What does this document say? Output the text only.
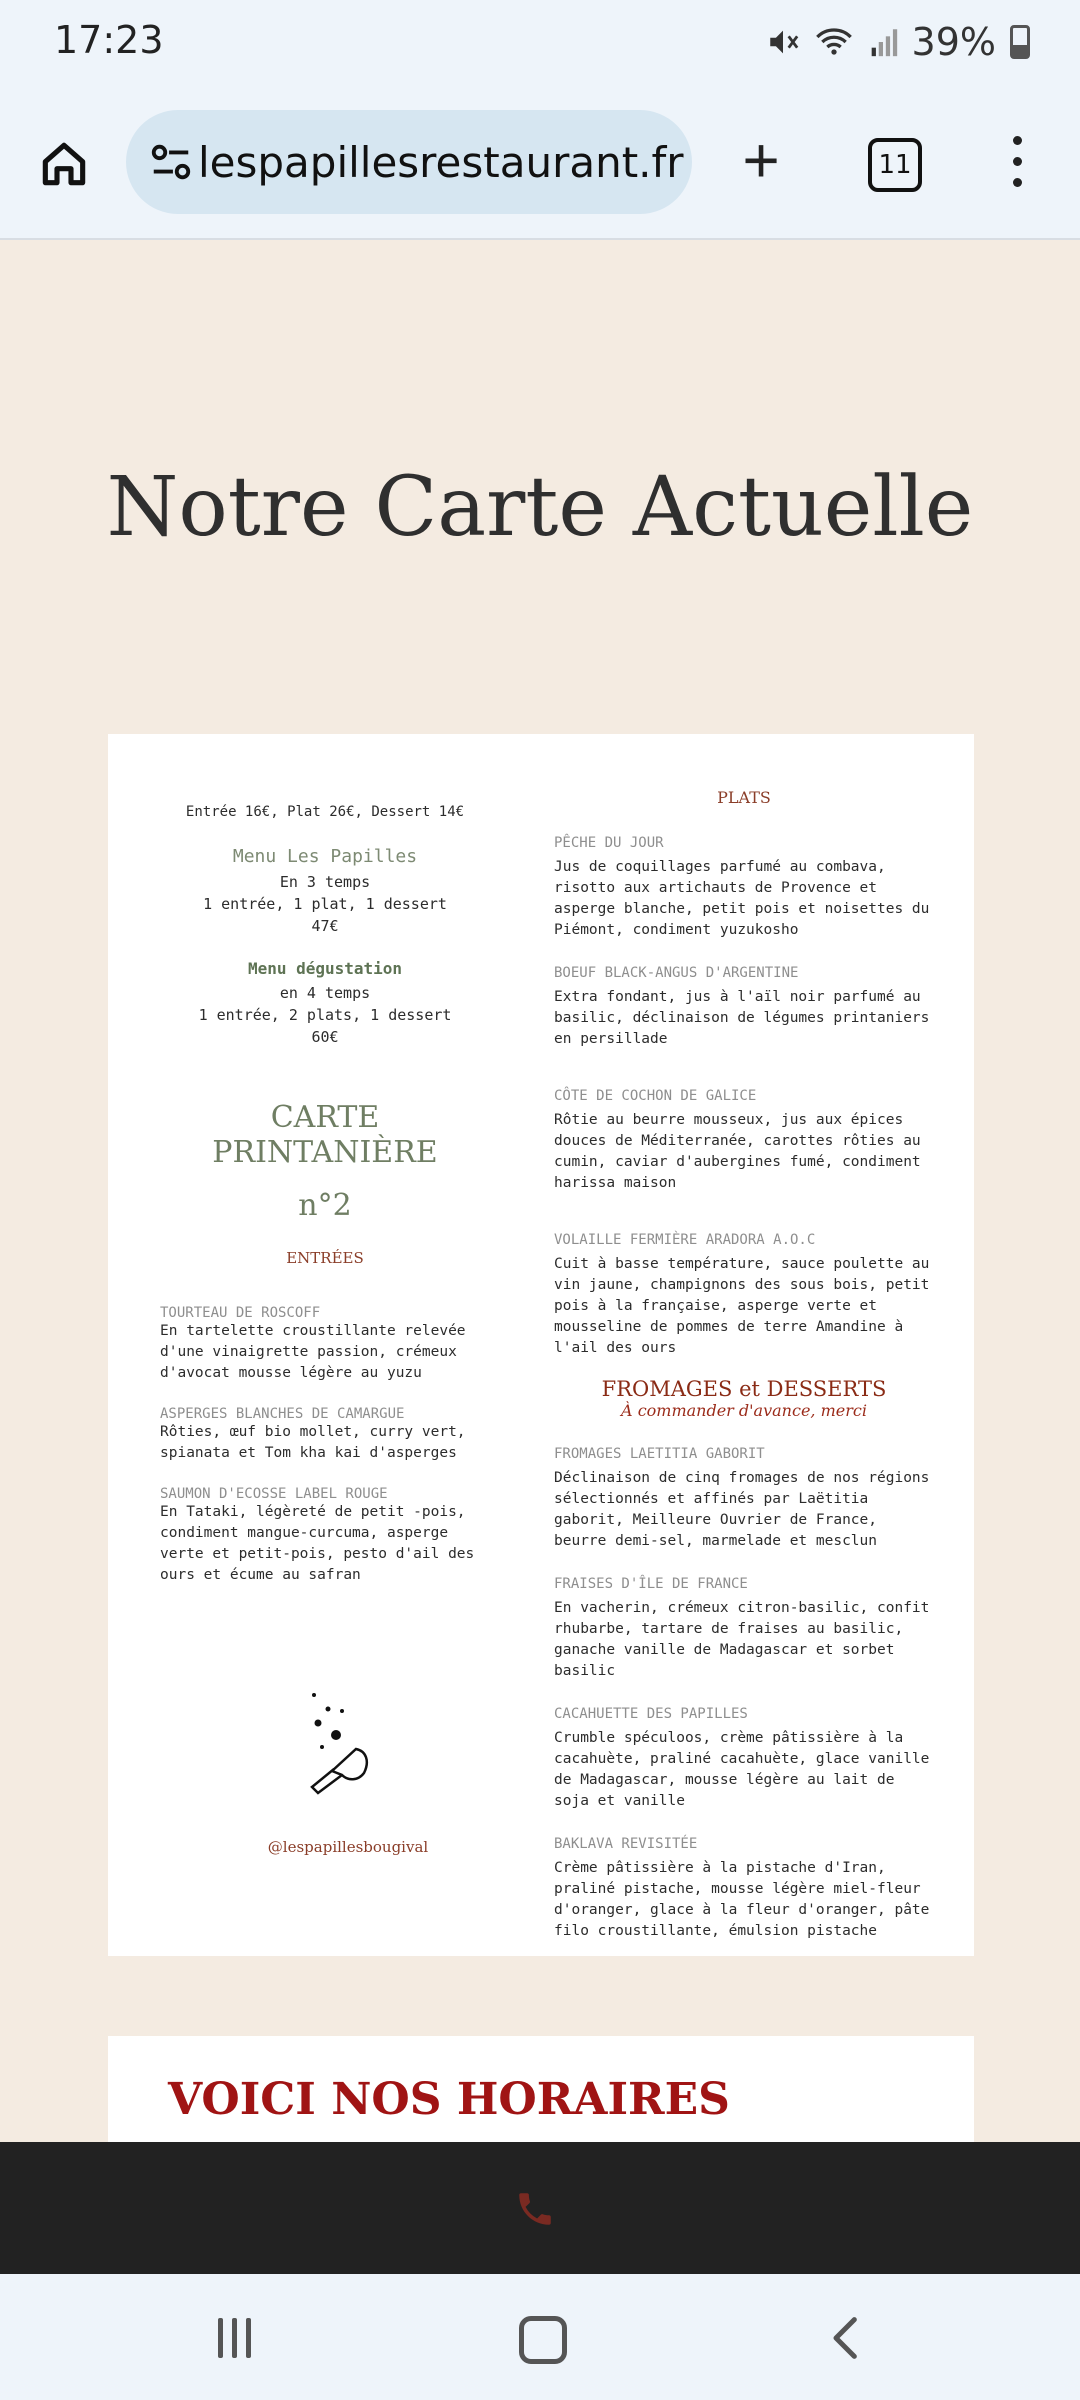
17:23	39%
lespapillesrestaurant.fr +	11
Notre Carte Actuelle
Entrée 16€, Plat 26€, Dessert 14€
Menu Les Papilles
En 3 temps
1 entrée, 1 plat, 1 dessert
47€
Menu dégustation
en 4 temps
1 entrée, 2 plats, 1 dessert
60€
CARTE PRINTANIÈRE
n°2
ENTRÉES
TOURTEAU DE ROSCOFF
En tartelette croustillante relevée d'une vinaigrette passion, crémeux d'avocat mousse légère au yuzu
ASPERGES BLANCHES DE CAMARGUE
Rôties, œuf bio mollet, curry vert, spianata et Tom kha kai d'asperges
SAUMON D'ECOSSE LABEL ROUGE
En Tataki, légèreté de petit -pois, condiment mangue-curcuma, asperge verte et petit-pois, pesto d'ail des ours et écume au safran
@lespapillesbougival
PLATS
PÊCHE DU JOUR
Jus de coquillages parfumé au combava, risotto aux artichauts de Provence et asperge blanche, petit pois et noisettes du Piémont, condiment yuzukosho
BOEUF BLACK-ANGUS D'ARGENTINE
Extra fondant, jus à l'aïl noir parfumé au basilic, déclinaison de légumes printaniers en persillade
CÔTE DE COCHON DE GALICE
Rôtie au beurre mousseux, jus aux épices douces de Méditerranée, carottes rôties au cumin, caviar d'aubergines fumé, condiment harissa maison
VOLAILLE FERMIÈRE ARADORA A.O.C
Cuit à basse température, sauce poulette au vin jaune, champignons des sous bois, petit pois à la française, asperge verte et mousseline de pommes de terre Amandine à l'ail des ours
FROMAGES et DESSERTS
À commander d'avance, merci
FROMAGES LAETITIA GABORIT
Déclinaison de cinq fromages de nos régions sélectionnés et affinés par Laëtitia gaborit, Meilleure Ouvrier de France, beurre demi-sel, marmelade et mesclun
FRAISES D'ÎLE DE FRANCE
En vacherin, crémeux citron-basilic, confit rhubarbe, tartare de fraises au basilic, ganache vanille de Madagascar et sorbet basilic
CACAHUETTE DES PAPILLES
Crumble spéculoos, crème pâtissière à la cacahuète, praliné cacahuète, glace vanille de Madagascar, mousse légère au lait de soja et vanille
BAKLAVA REVISITÉE
Crème pâtissière à la pistache d'Iran, praliné pistache, mousse légère miel-fleur d'oranger, glace à la fleur d'oranger, pâte filo croustillante, émulsion pistache
VOICI NOS HORAIRES
